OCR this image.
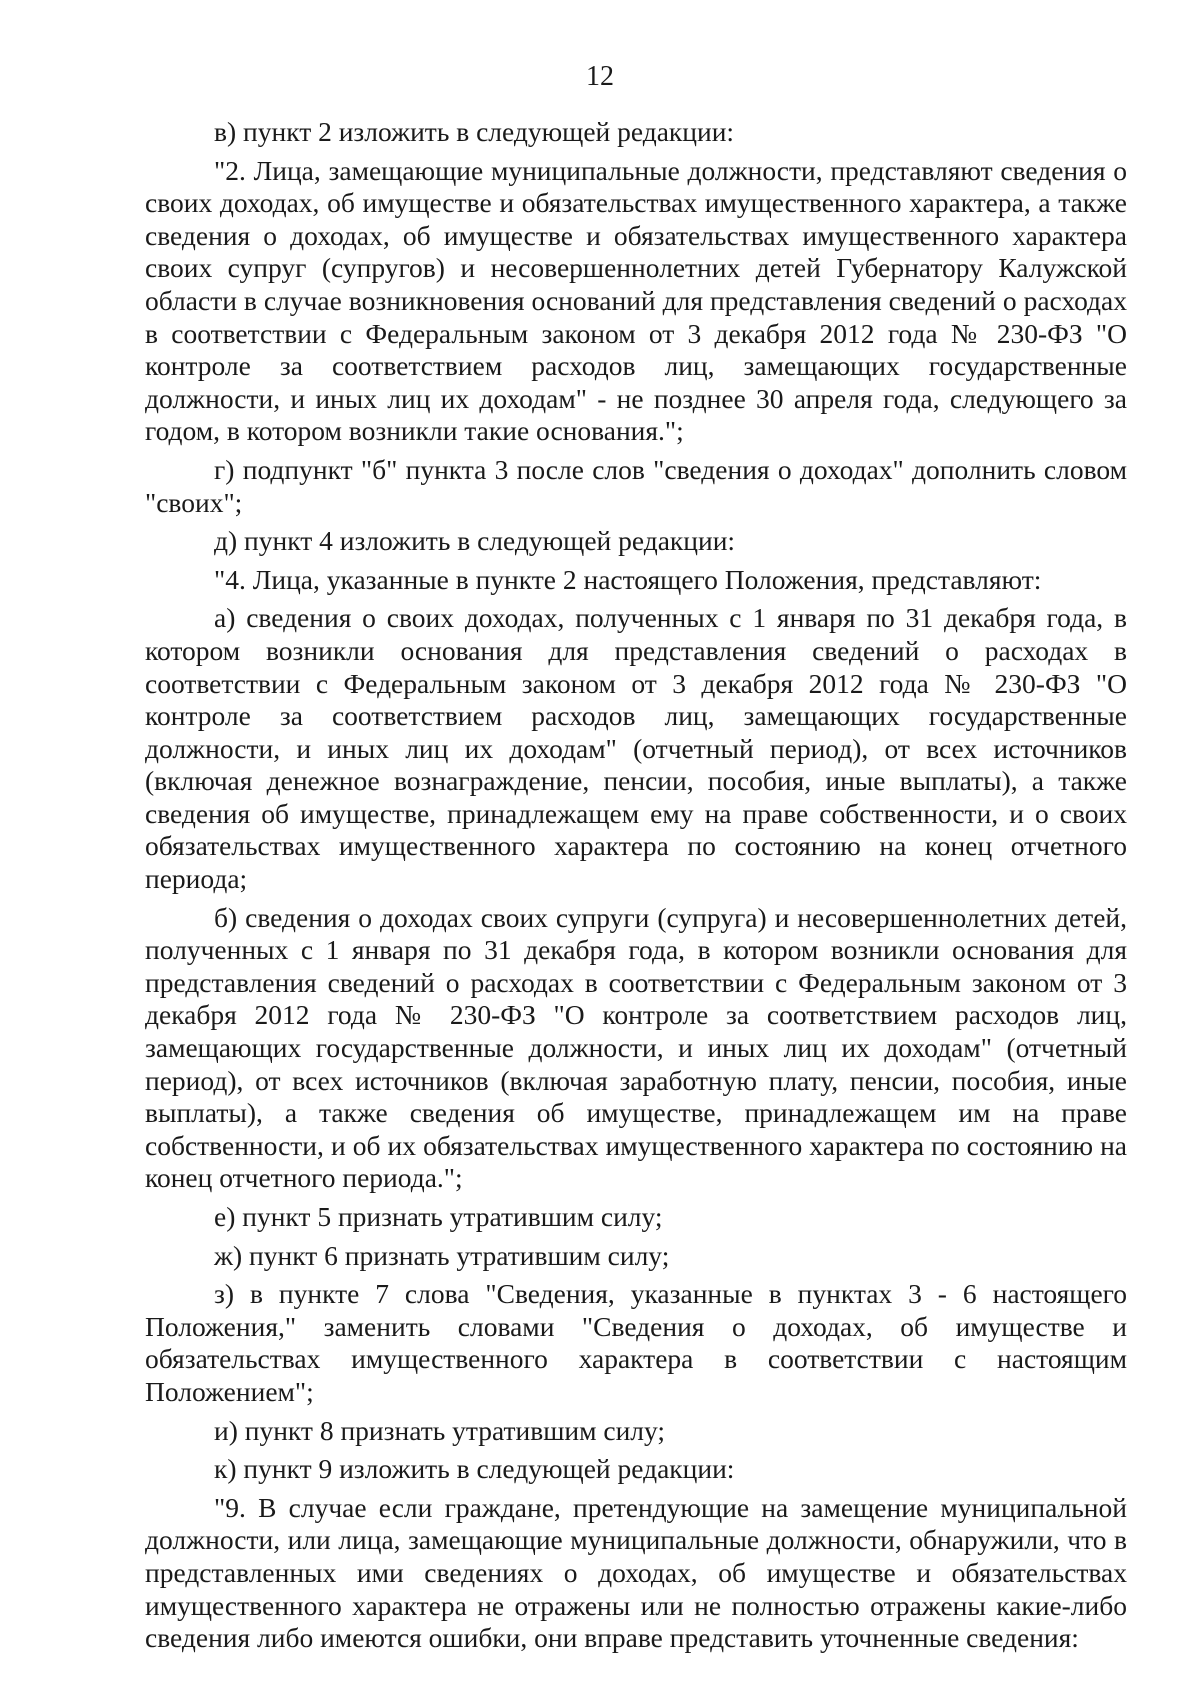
12

в) пункт 2 изложить в следующей редакции:

"2. Лица, замещающие муниципальные должности, представляют сведения о своих доходах, об имуществе и обязательствах имущественного характера, а также сведения о доходах, об имуществе и обязательствах имущественного характера своих супруг (супругов) и несовершеннолетних детей Губернатору Калужской области в случае возникновения оснований для представления сведений о расходах в соответствии с Федеральным законом от 3 декабря 2012 года № 230-ФЗ "О контроле за соответствием расходов лиц, замещающих государственные должности, и иных лиц их доходам" - не позднее 30 апреля года, следующего за годом, в котором возникли такие основания.";

г) подпункт "б" пункта 3 после слов "сведения о доходах" дополнить словом "своих";

д) пункт 4 изложить в следующей редакции:

"4. Лица, указанные в пункте 2 настоящего Положения, представляют:

а) сведения о своих доходах, полученных с 1 января по 31 декабря года, в котором возникли основания для представления сведений о расходах в соответствии с Федеральным законом от 3 декабря 2012 года № 230-ФЗ "О контроле за соответствием расходов лиц, замещающих государственные должности, и иных лиц их доходам" (отчетный период), от всех источников (включая денежное вознаграждение, пенсии, пособия, иные выплаты), а также сведения об имуществе, принадлежащем ему на праве собственности, и о своих обязательствах имущественного характера по состоянию на конец отчетного периода;

б) сведения о доходах своих супруги (супруга) и несовершеннолетних детей, полученных с 1 января по 31 декабря года, в котором возникли основания для представления сведений о расходах в соответствии с Федеральным законом от 3 декабря 2012 года № 230-ФЗ "О контроле за соответствием расходов лиц, замещающих государственные должности, и иных лиц их доходам" (отчетный период), от всех источников (включая заработную плату, пенсии, пособия, иные выплаты), а также сведения об имуществе, принадлежащем им на праве собственности, и об их обязательствах имущественного характера по состоянию на конец отчетного периода.";

е) пункт 5 признать утратившим силу;

ж) пункт 6 признать утратившим силу;

з) в пункте 7 слова "Сведения, указанные в пунктах 3 - 6 настоящего Положения," заменить словами "Сведения о доходах, об имуществе и обязательствах имущественного характера в соответствии с настоящим Положением";

и) пункт 8 признать утратившим силу;

к) пункт 9 изложить в следующей редакции:

"9. В случае если граждане, претендующие на замещение муниципальной должности, или лица, замещающие муниципальные должности, обнаружили, что в представленных ими сведениях о доходах, об имуществе и обязательствах имущественного характера не отражены или не полностью отражены какие-либо сведения либо имеются ошибки, они вправе представить уточненные сведения:
